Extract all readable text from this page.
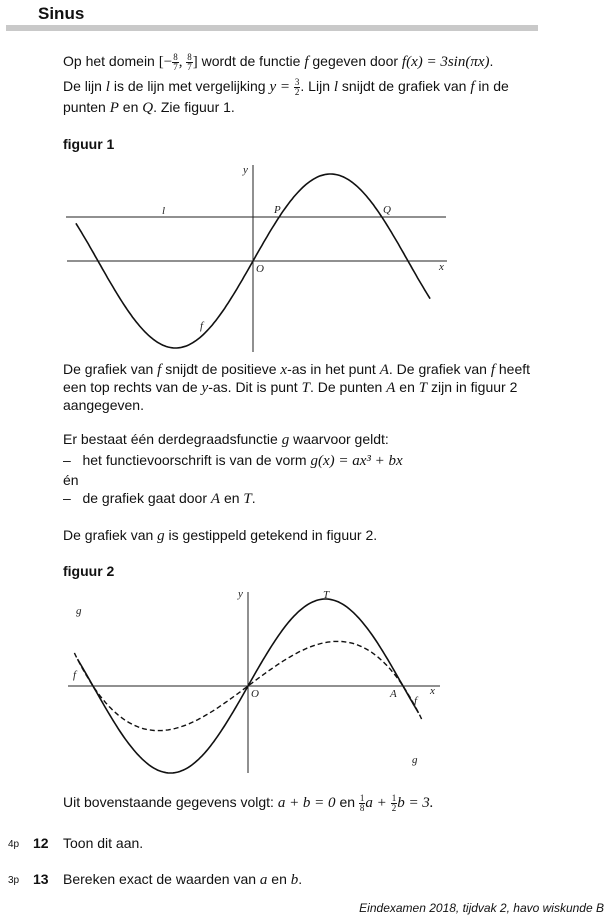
Sinus
Op het domein [− $\frac{8}{7}$ , $\frac{8}{7}$ ] wordt de functie f gegeven door f(x) = 3sin(πx).
De lijn l is de lijn met vergelijking $y = \frac{3}{2}$ . Lijn l snijdt de grafiek van f in de
punten P en Q. Zie figuur 1.
figuur 1
y
x
O
P	Q
l
f
De grafiek van f snijdt de positieve x-as in het punt A. De grafiek van f heeft
een top rechts van de y-as. Dit is punt T. De punten A en T zijn in figuur 2
aangegeven.
Er bestaat één derdegraadsfunctie g waarvoor geldt:
– het functievoorschrift is van de vorm g(x) = ax³ + bx
én
– de grafiek gaat door A en T.
De grafiek van g is gestippeld getekend in figuur 2.
figuur 2
y
x
O
T
A
f
f
g
g
Uit bovenstaande gegevens volgt: a + b = 0 en $\frac{1}{8}$ $a + \frac{1}{2}$ b = 3.
4p 12 Toon dit aan.
3p 13 Bereken exact de waarden van a en b.
Eindexamen 2018, tijdvak 2, havo wiskunde B
